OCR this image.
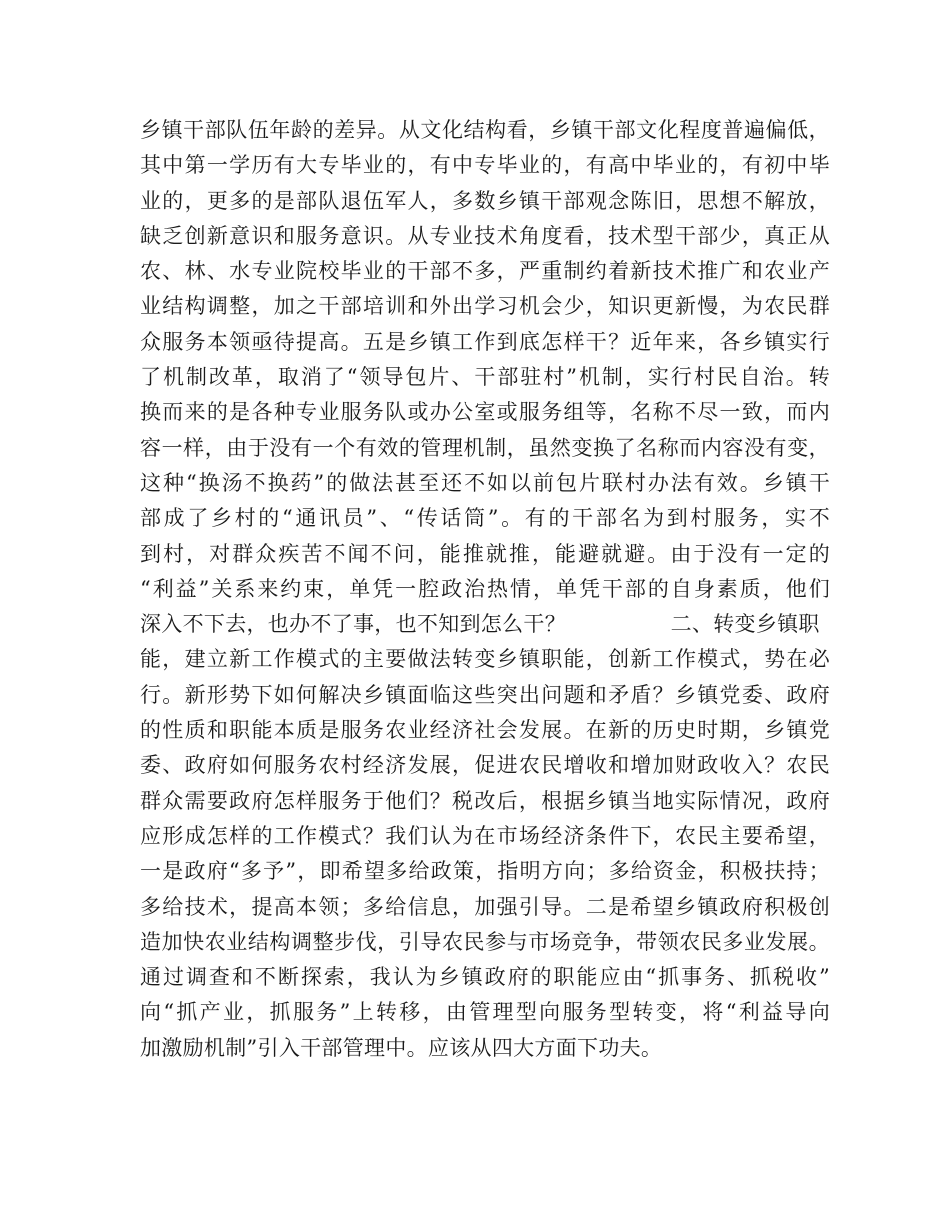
乡镇干部队伍年龄的差异。从文化结构看，乡镇干部文化程度普遍偏低，
其中第一学历有大专毕业的，有中专毕业的，有高中毕业的，有初中毕
业的，更多的是部队退伍军人，多数乡镇干部观念陈旧，思想不解放，
缺乏创新意识和服务意识。从专业技术角度看，技术型干部少，真正从
农、林、水专业院校毕业的干部不多，严重制约着新技术推广和农业产
业结构调整，加之干部培训和外出学习机会少，知识更新慢，为农民群
众服务本领亟待提高。五是乡镇工作到底怎样干？近年来，各乡镇实行
了机制改革，取消了“领导包片、干部驻村”机制，实行村民自治。转
换而来的是各种专业服务队或办公室或服务组等，名称不尽一致，而内
容一样，由于没有一个有效的管理机制，虽然变换了名称而内容没有变，
这种“换汤不换药”的做法甚至还不如以前包片联村办法有效。乡镇干
部成了乡村的“通讯员”、“传话筒”。有的干部名为到村服务，实不
到村，对群众疾苦不闻不问，能推就推，能避就避。由于没有一定的
“利益”关系来约束，单凭一腔政治热情，单凭干部的自身素质，他们
深入不下去，也办不了事，也不知到怎么干？               二、转变乡镇职
能，建立新工作模式的主要做法转变乡镇职能，创新工作模式，势在必
行。新形势下如何解决乡镇面临这些突出问题和矛盾？乡镇党委、政府
的性质和职能本质是服务农业经济社会发展。在新的历史时期，乡镇党
委、政府如何服务农村经济发展，促进农民增收和增加财政收入？农民
群众需要政府怎样服务于他们？税改后，根据乡镇当地实际情况，政府
应形成怎样的工作模式？我们认为在市场经济条件下，农民主要希望，
一是政府“多予”，即希望多给政策，指明方向；多给资金，积极扶持；
多给技术，提高本领；多给信息，加强引导。二是希望乡镇政府积极创
造加快农业结构调整步伐，引导农民参与市场竞争，带领农民多业发展。
通过调查和不断探索，我认为乡镇政府的职能应由“抓事务、抓税收”
向“抓产业，抓服务”上转移，由管理型向服务型转变，将“利益导向
加激励机制”引入干部管理中。应该从四大方面下功夫。
